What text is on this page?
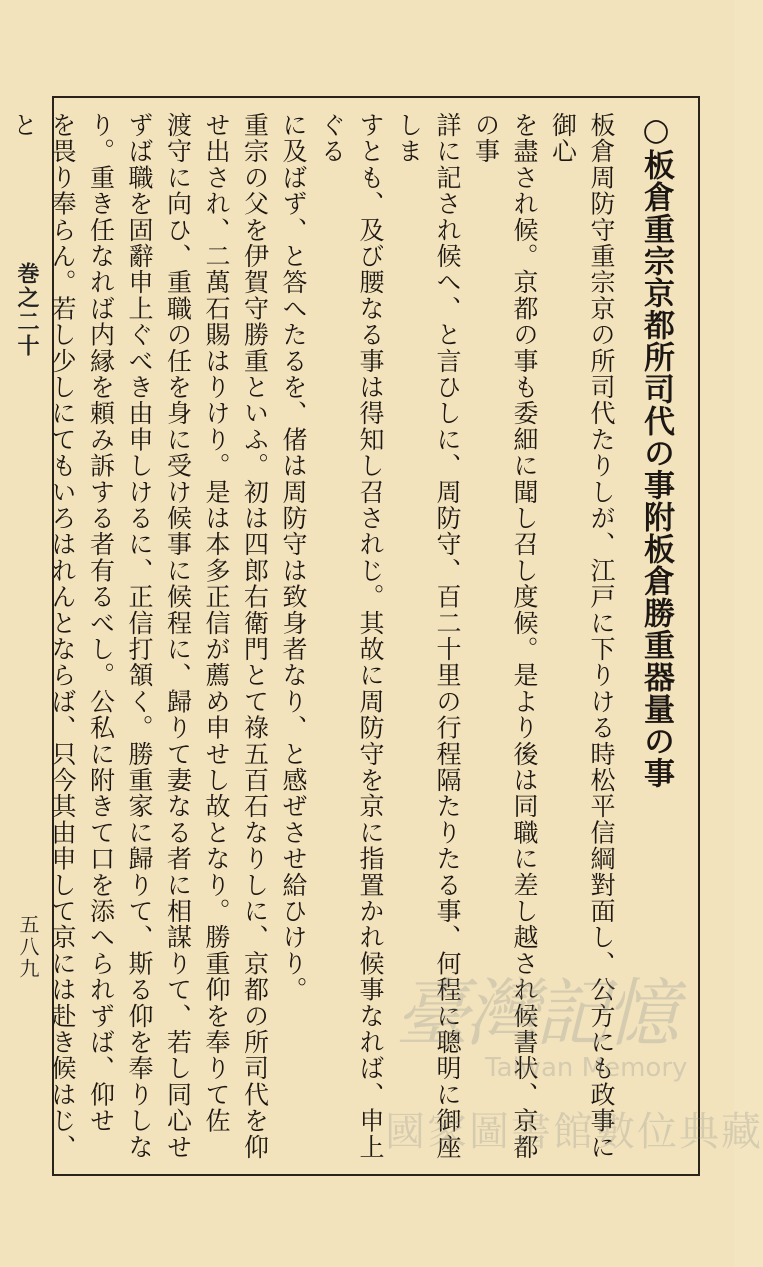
○板倉重宗京都所司代の事附板倉勝重器量の事
板倉周防守重宗京の所司代たりしが、江戸に下りける時松平信綱對面し、公方にも政事に御心
を盡され候。京都の事も委細に聞し召し度候。是より後は同職に差し越され候書状、京都の事
詳に記され候へ、と言ひしに、周防守、百二十里の行程隔たりたる事、何程に聰明に御座しま
すとも、及び腰なる事は得知し召されじ。其故に周防守を京に指置かれ候事なれば、申上ぐる
に及ばず、と答へたるを、偖は周防守は致身者なり、と感ぜさせ給ひけり。
重宗の父を伊賀守勝重といふ。初は四郎右衛門とて祿五百石なりしに、京都の所司代を仰
せ出され、二萬石賜はりけり。是は本多正信が薦め申せし故となり。勝重仰を奉りて佐
渡守に向ひ、重職の任を身に受け候事に候程に、歸りて妻なる者に相謀りて、若し同心せ
ずば職を固辭申上ぐべき由申しけるに、正信打頷く。勝重家に歸りて、斯る仰を奉りしな
り。重き任なれば内縁を頼み訴する者有るべし。公私に附きて口を添へられずば、仰せ
を畏り奉らん。若し少しにてもいろはれんとならば、只今其由申して京には赴き候はじ、と
巻之二十
五八九
臺灣記憶
Taiwan Memory
國家圖書館數位典藏
